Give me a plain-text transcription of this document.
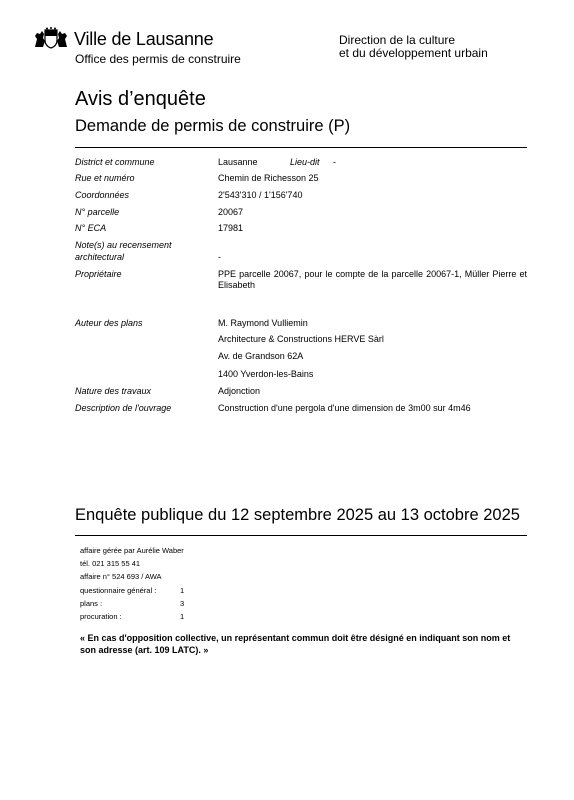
Ville de Lausanne
Office des permis de construire
Direction de la culture
et du développement urbain
Avis d’enquête
Demande de permis de construire (P)
District et commune	Lausanne	Lieu-dit -
Rue et numéro	Chemin de Richesson 25
Coordonnées	2'543'310 / 1'156'740
N° parcelle	20067
N° ECA	17981
Note(s) au recensement
architectural	-
Propriétaire	PPE parcelle 20067, pour le compte de la parcelle 20067-1, Müller Pierre et Elisabeth
Auteur des plans	M. Raymond Vulliemin
Architecture & Constructions HERVE Sàrl
Av. de Grandson 62A
1400 Yverdon-les-Bains
Nature des travaux	Adjonction
Description de l'ouvrage	Construction d'une pergola d'une dimension de 3m00 sur 4m46
Enquête publique du 12 septembre 2025 au 13 octobre 2025
affaire gérée par Aurélie Waber
tél. 021 315 55 41
affaire n° 524 693 / AWA
questionnaire général :	1
plans :	3
procuration :	1
« En cas d'opposition collective, un représentant commun doit être désigné en indiquant son nom et son adresse (art. 109 LATC). »
